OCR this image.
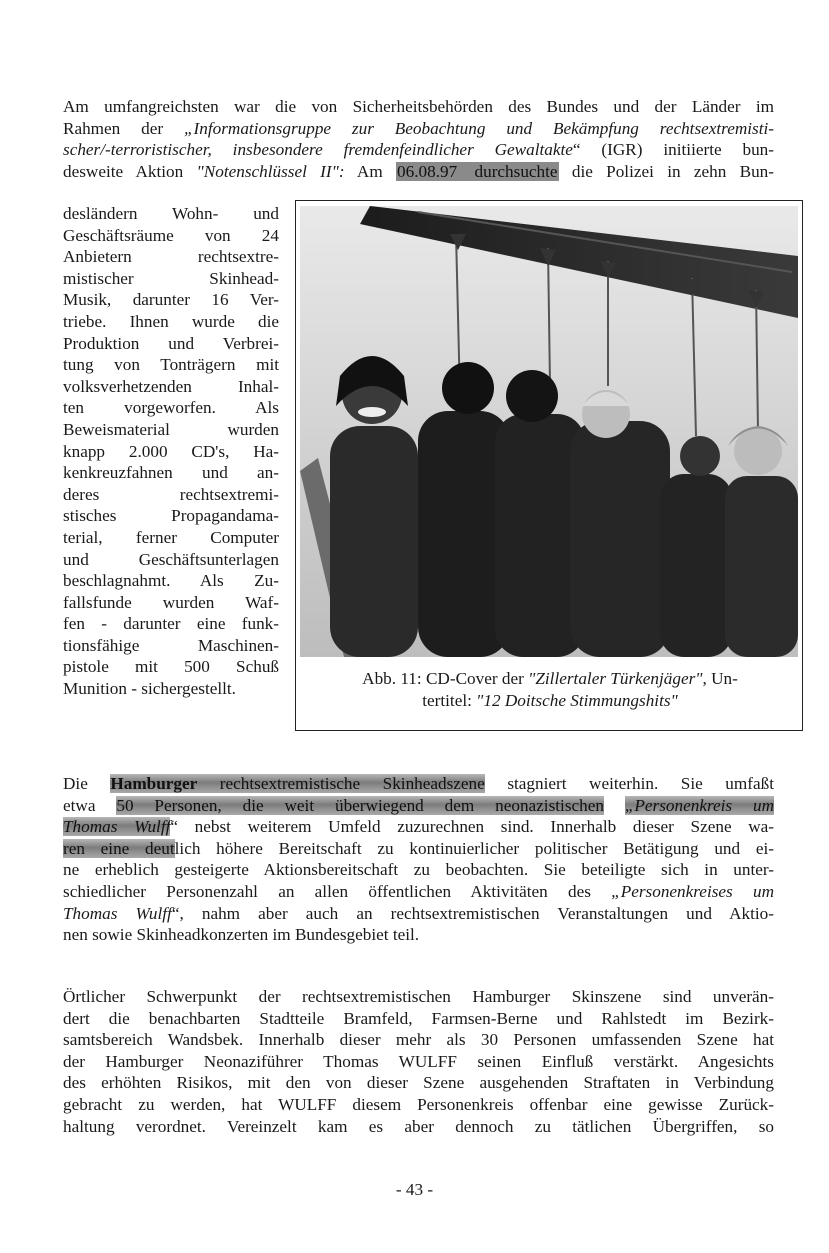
Am umfangreichsten war die von Sicherheitsbehörden des Bundes und der Länder im
Rahmen der „Informationsgruppe zur Beobachtung und Bekämpfung rechtsextremisti-
scher/-terroristischer, insbesondere fremdenfeindlicher Gewaltakte“ (IGR) initiierte bun-
desweite Aktion "Notenschlüssel II": Am 06.08.97 durchsuchte die Polizei in zehn Bun-
desländern Wohn- und
Geschäftsräume von 24
Anbietern rechtsextre-
mistischer Skinhead-
Musik, darunter 16 Ver-
triebe. Ihnen wurde die
Produktion und Verbrei-
tung von Tonträgern mit
volksverhetzenden Inhal-
ten vorgeworfen. Als
Beweismaterial wurden
knapp 2.000 CD's, Ha-
kenkreuzfahnen und an-
deres rechtsextremi-
stisches Propagandama-
terial, ferner Computer
und Geschäftsunterlagen
beschlagnahmt. Als Zu-
fallsfunde wurden Waf-
fen - darunter eine funk-
tionsfähige Maschinen-
pistole mit 500 Schuß
Munition - sichergestellt.
Abb. 11: CD-Cover der "Zillertaler Türkenjäger", Un-
tertitel: "12 Doitsche Stimmungshits"
Die Hamburger rechtsextremistische Skinheadszene stagniert weiterhin. Sie umfaßt
etwa 50 Personen, die weit überwiegend dem neonazistischen „Personenkreis um
Thomas Wulff“ nebst weiterem Umfeld zuzurechnen sind. Innerhalb dieser Szene wa-
ren eine deutlich höhere Bereitschaft zu kontinuierlicher politischer Betätigung und ei-
ne erheblich gesteigerte Aktionsbereitschaft zu beobachten. Sie beteiligte sich in unter-
schiedlicher Personenzahl an allen öffentlichen Aktivitäten des „Personenkreises um
Thomas Wulff“, nahm aber auch an rechtsextremistischen Veranstaltungen und Aktio-
nen sowie Skinheadkonzerten im Bundesgebiet teil.
Örtlicher Schwerpunkt der rechtsextremistischen Hamburger Skinszene sind unverän-
dert die benachbarten Stadtteile Bramfeld, Farmsen-Berne und Rahlstedt im Bezirk-
samtsbereich Wandsbek. Innerhalb dieser mehr als 30 Personen umfassenden Szene hat
der Hamburger Neonaziführer Thomas WULFF seinen Einfluß verstärkt. Angesichts
des erhöhten Risikos, mit den von dieser Szene ausgehenden Straftaten in Verbindung
gebracht zu werden, hat WULFF diesem Personenkreis offenbar eine gewisse Zurück-
haltung verordnet. Vereinzelt kam es aber dennoch zu tätlichen Übergriffen, so
- 43 -
